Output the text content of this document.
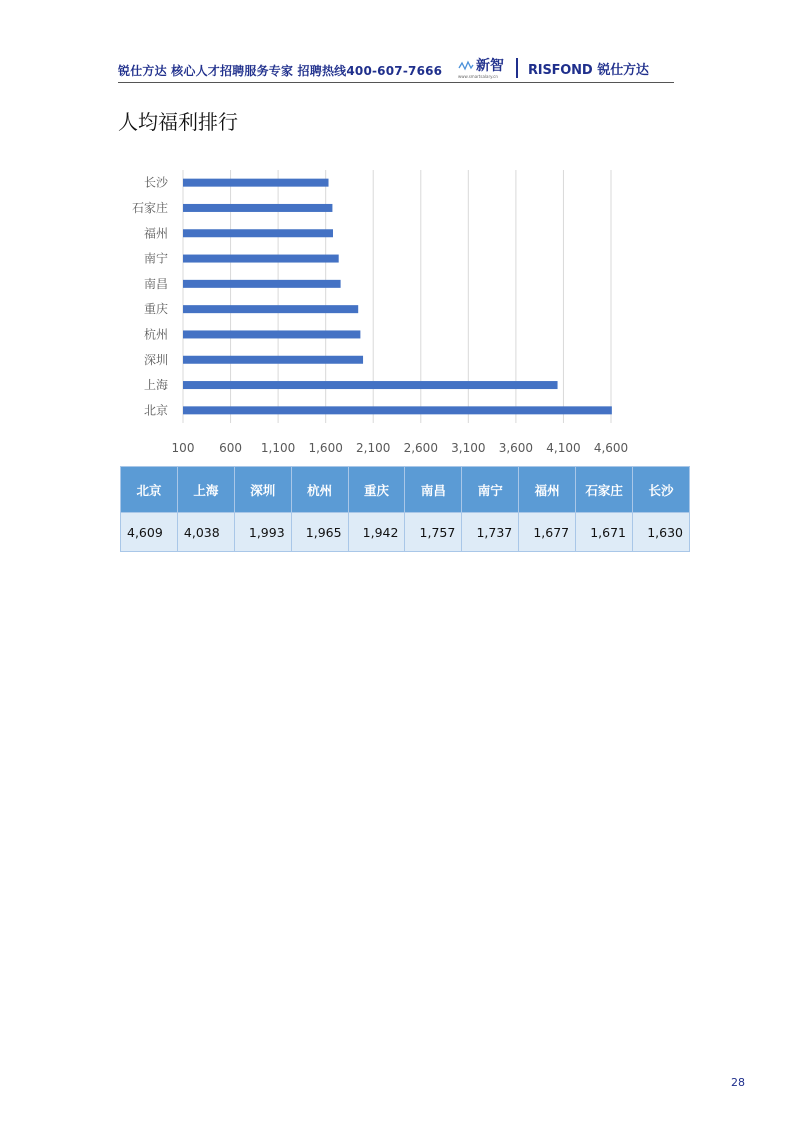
锐仕方达 核心人才招聘服务专家 招聘热线400-607-7666 新智
www.smartsalary.cn RISFOND 锐仕方达
人均福利排行
100 600 1,100 1,600 2,100 2,600 3,100 3,600 4,100 4,600
北京
上海
深圳
杭州
重庆
南昌
南宁
福州
石家庄
长沙
北京	上海	深圳	杭州	重庆	南昌	南宁	福州	石家庄	长沙
4,609	4,038	1,993	1,965	1,942	1,757	1,737	1,677	1,671	1,630
28
